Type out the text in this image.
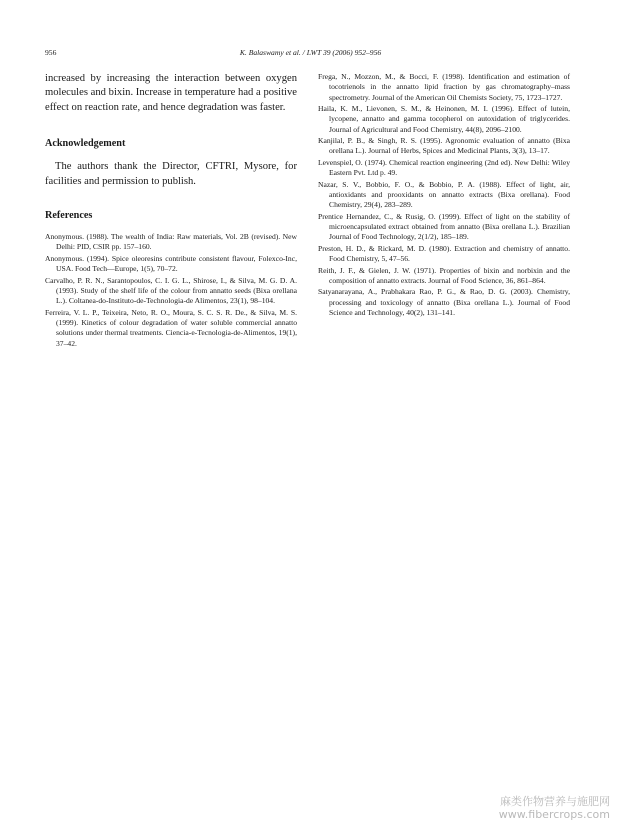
956	K. Balaswamy et al. / LWT 39 (2006) 952–956

increased by increasing the interaction between oxygen molecules and bixin. Increase in temperature had a positive effect on reaction rate, and hence degradation was faster.

Acknowledgement

The authors thank the Director, CFTRI, Mysore, for facilities and permission to publish.

References
Anonymous. (1988). The wealth of India: Raw materials, Vol. 2B (revised). New Delhi: PID, CSIR pp. 157–160.
Anonymous. (1994). Spice oleoresins contribute consistent flavour, Folexco-Inc, USA. Food Tech—Europe, 1(5), 70–72.
Carvalho, P. R. N., Sarantopoulos, C. I. G. L., Shirose, I., & Silva, M. G. D. A. (1993). Study of the shelf life of the colour from annatto seeds (Bixa orellana L.). Coltanea-do-Instituto-de-Technologia-de Alimentos, 23(1), 98–104.
Ferreira, V. L. P., Teixeira, Neto, R. O., Moura, S. C. S. R. De., & Silva, M. S. (1999). Kinetics of colour degradation of water soluble commercial annatto solutions under thermal treatments. Ciencia-e-Tecnologia-de-Alimentos, 19(1), 37–42.
Frega, N., Mozzon, M., & Bocci, F. (1998). Identification and estimation of tocotrienols in the annatto lipid fraction by gas chromatography–mass spectrometry. Journal of the American Oil Chemists Society, 75, 1723–1727.
Haila, K. M., Lievonen, S. M., & Heinonen, M. I. (1996). Effect of lutein, lycopene, annatto and gamma tocopherol on autoxidation of triglycerides. Journal of Agricultural and Food Chemistry, 44(8), 2096–2100.
Kanjilal, P. B., & Singh, R. S. (1995). Agronomic evaluation of annatto (Bixa orellana L.). Journal of Herbs, Spices and Medicinal Plants, 3(3), 13–17.
Levenspiel, O. (1974). Chemical reaction engineering (2nd ed). New Delhi: Wiley Eastern Pvt. Ltd p. 49.
Nazar, S. V., Bobbio, F. O., & Bobbio, P. A. (1988). Effect of light, air, antioxidants and prooxidants on annatto extracts (Bixa orellana). Food Chemistry, 29(4), 283–289.
Prentice Hernandez, C., & Rusig, O. (1999). Effect of light on the stability of microencapsulated extract obtained from annatto (Bixa orellana L.). Brazilian Journal of Food Technology, 2(1/2), 185–189.
Preston, H. D., & Rickard, M. D. (1980). Extraction and chemistry of annatto. Food Chemistry, 5, 47–56.
Reith, J. F., & Gielen, J. W. (1971). Properties of bixin and norbixin and the composition of annatto extracts. Journal of Food Science, 36, 861–864.
Satyanarayana, A., Prabhakara Rao, P. G., & Rao, D. G. (2003). Chemistry, processing and toxicology of annatto (Bixa orellana L.). Journal of Food Science and Technology, 40(2), 131–141.
麻类作物营养与施肥网
www.fibercrops.com
